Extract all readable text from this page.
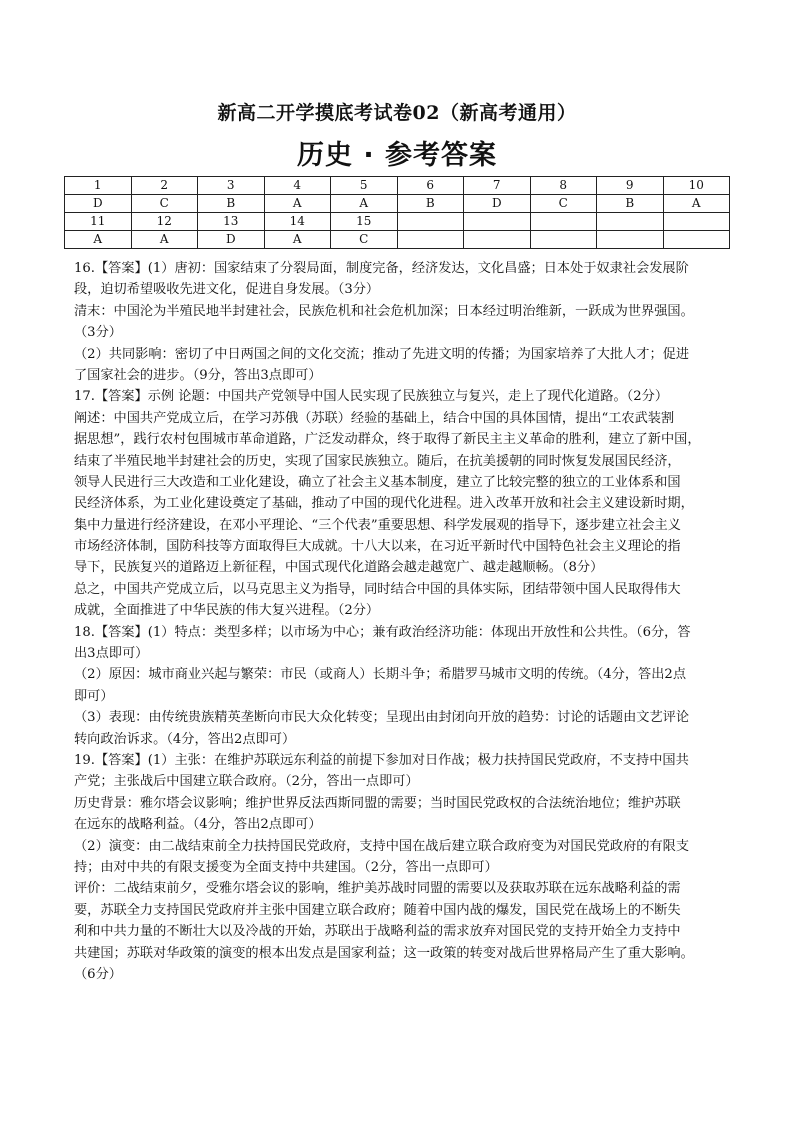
新高二开学摸底考试卷02（新高考通用）
历史 · 参考答案
1	2	3	4	5	6	7	8	9	10
D	C	B	A	A	B	D	C	B	A
11	12	13	14	15					
A	A	D	A	C					
16.【答案】(1）唐初：国家结束了分裂局面，制度完备，经济发达，文化昌盛；日本处于奴隶社会发展阶
段，迫切希望吸收先进文化，促进自身发展。（3分）
清末：中国沦为半殖民地半封建社会，民族危机和社会危机加深；日本经过明治维新，一跃成为世界强国。
（3分）
（2）共同影响：密切了中日两国之间的文化交流；推动了先进文明的传播；为国家培养了大批人才；促进
了国家社会的进步。（9分，答出3点即可）
17.【答案】示例 论题：中国共产党领导中国人民实现了民族独立与复兴，走上了现代化道路。（2分）
阐述：中国共产党成立后，在学习苏俄（苏联）经验的基础上，结合中国的具体国情，提出“工农武装割
据思想”，践行农村包围城市革命道路，广泛发动群众，终于取得了新民主主义革命的胜利，建立了新中国，
结束了半殖民地半封建社会的历史，实现了国家民族独立。随后，在抗美援朝的同时恢复发展国民经济，
领导人民进行三大改造和工业化建设，确立了社会主义基本制度，建立了比较完整的独立的工业体系和国
民经济体系，为工业化建设奠定了基础，推动了中国的现代化进程。进入改革开放和社会主义建设新时期，
集中力量进行经济建设，在邓小平理论、“三个代表”重要思想、科学发展观的指导下，逐步建立社会主义
市场经济体制，国防科技等方面取得巨大成就。十八大以来，在习近平新时代中国特色社会主义理论的指
导下，民族复兴的道路迈上新征程，中国式现代化道路会越走越宽广、越走越顺畅。（8分）
总之，中国共产党成立后，以马克思主义为指导，同时结合中国的具体实际，团结带领中国人民取得伟大
成就，全面推进了中华民族的伟大复兴进程。（2分）
18.【答案】(1）特点：类型多样；以市场为中心；兼有政治经济功能：体现出开放性和公共性。（6分，答
出3点即可）
（2）原因：城市商业兴起与繁荣：市民（或商人）长期斗争；希腊罗马城市文明的传统。（4分，答出2点
即可）
（3）表现：由传统贵族精英垄断向市民大众化转变；呈现出由封闭向开放的趋势：讨论的话题由文艺评论
转向政治诉求。（4分，答出2点即可）
19.【答案】(1）主张：在维护苏联远东利益的前提下参加对日作战；极力扶持国民党政府，不支持中国共
产党；主张战后中国建立联合政府。（2分，答出一点即可）
历史背景：雅尔塔会议影响；维护世界反法西斯同盟的需要；当时国民党政权的合法统治地位；维护苏联
在远东的战略利益。（4分，答出2点即可）
（2）演变：由二战结束前全力扶持国民党政府，支持中国在战后建立联合政府变为对国民党政府的有限支
持；由对中共的有限支援变为全面支持中共建国。（2分，答出一点即可）
评价：二战结束前夕，受雅尔塔会议的影响，维护美苏战时同盟的需要以及获取苏联在远东战略利益的需
要，苏联全力支持国民党政府并主张中国建立联合政府；随着中国内战的爆发，国民党在战场上的不断失
利和中共力量的不断壮大以及冷战的开始，苏联出于战略利益的需求放弃对国民党的支持开始全力支持中
共建国；苏联对华政策的演变的根本出发点是国家利益；这一政策的转变对战后世界格局产生了重大影响。
（6分）
